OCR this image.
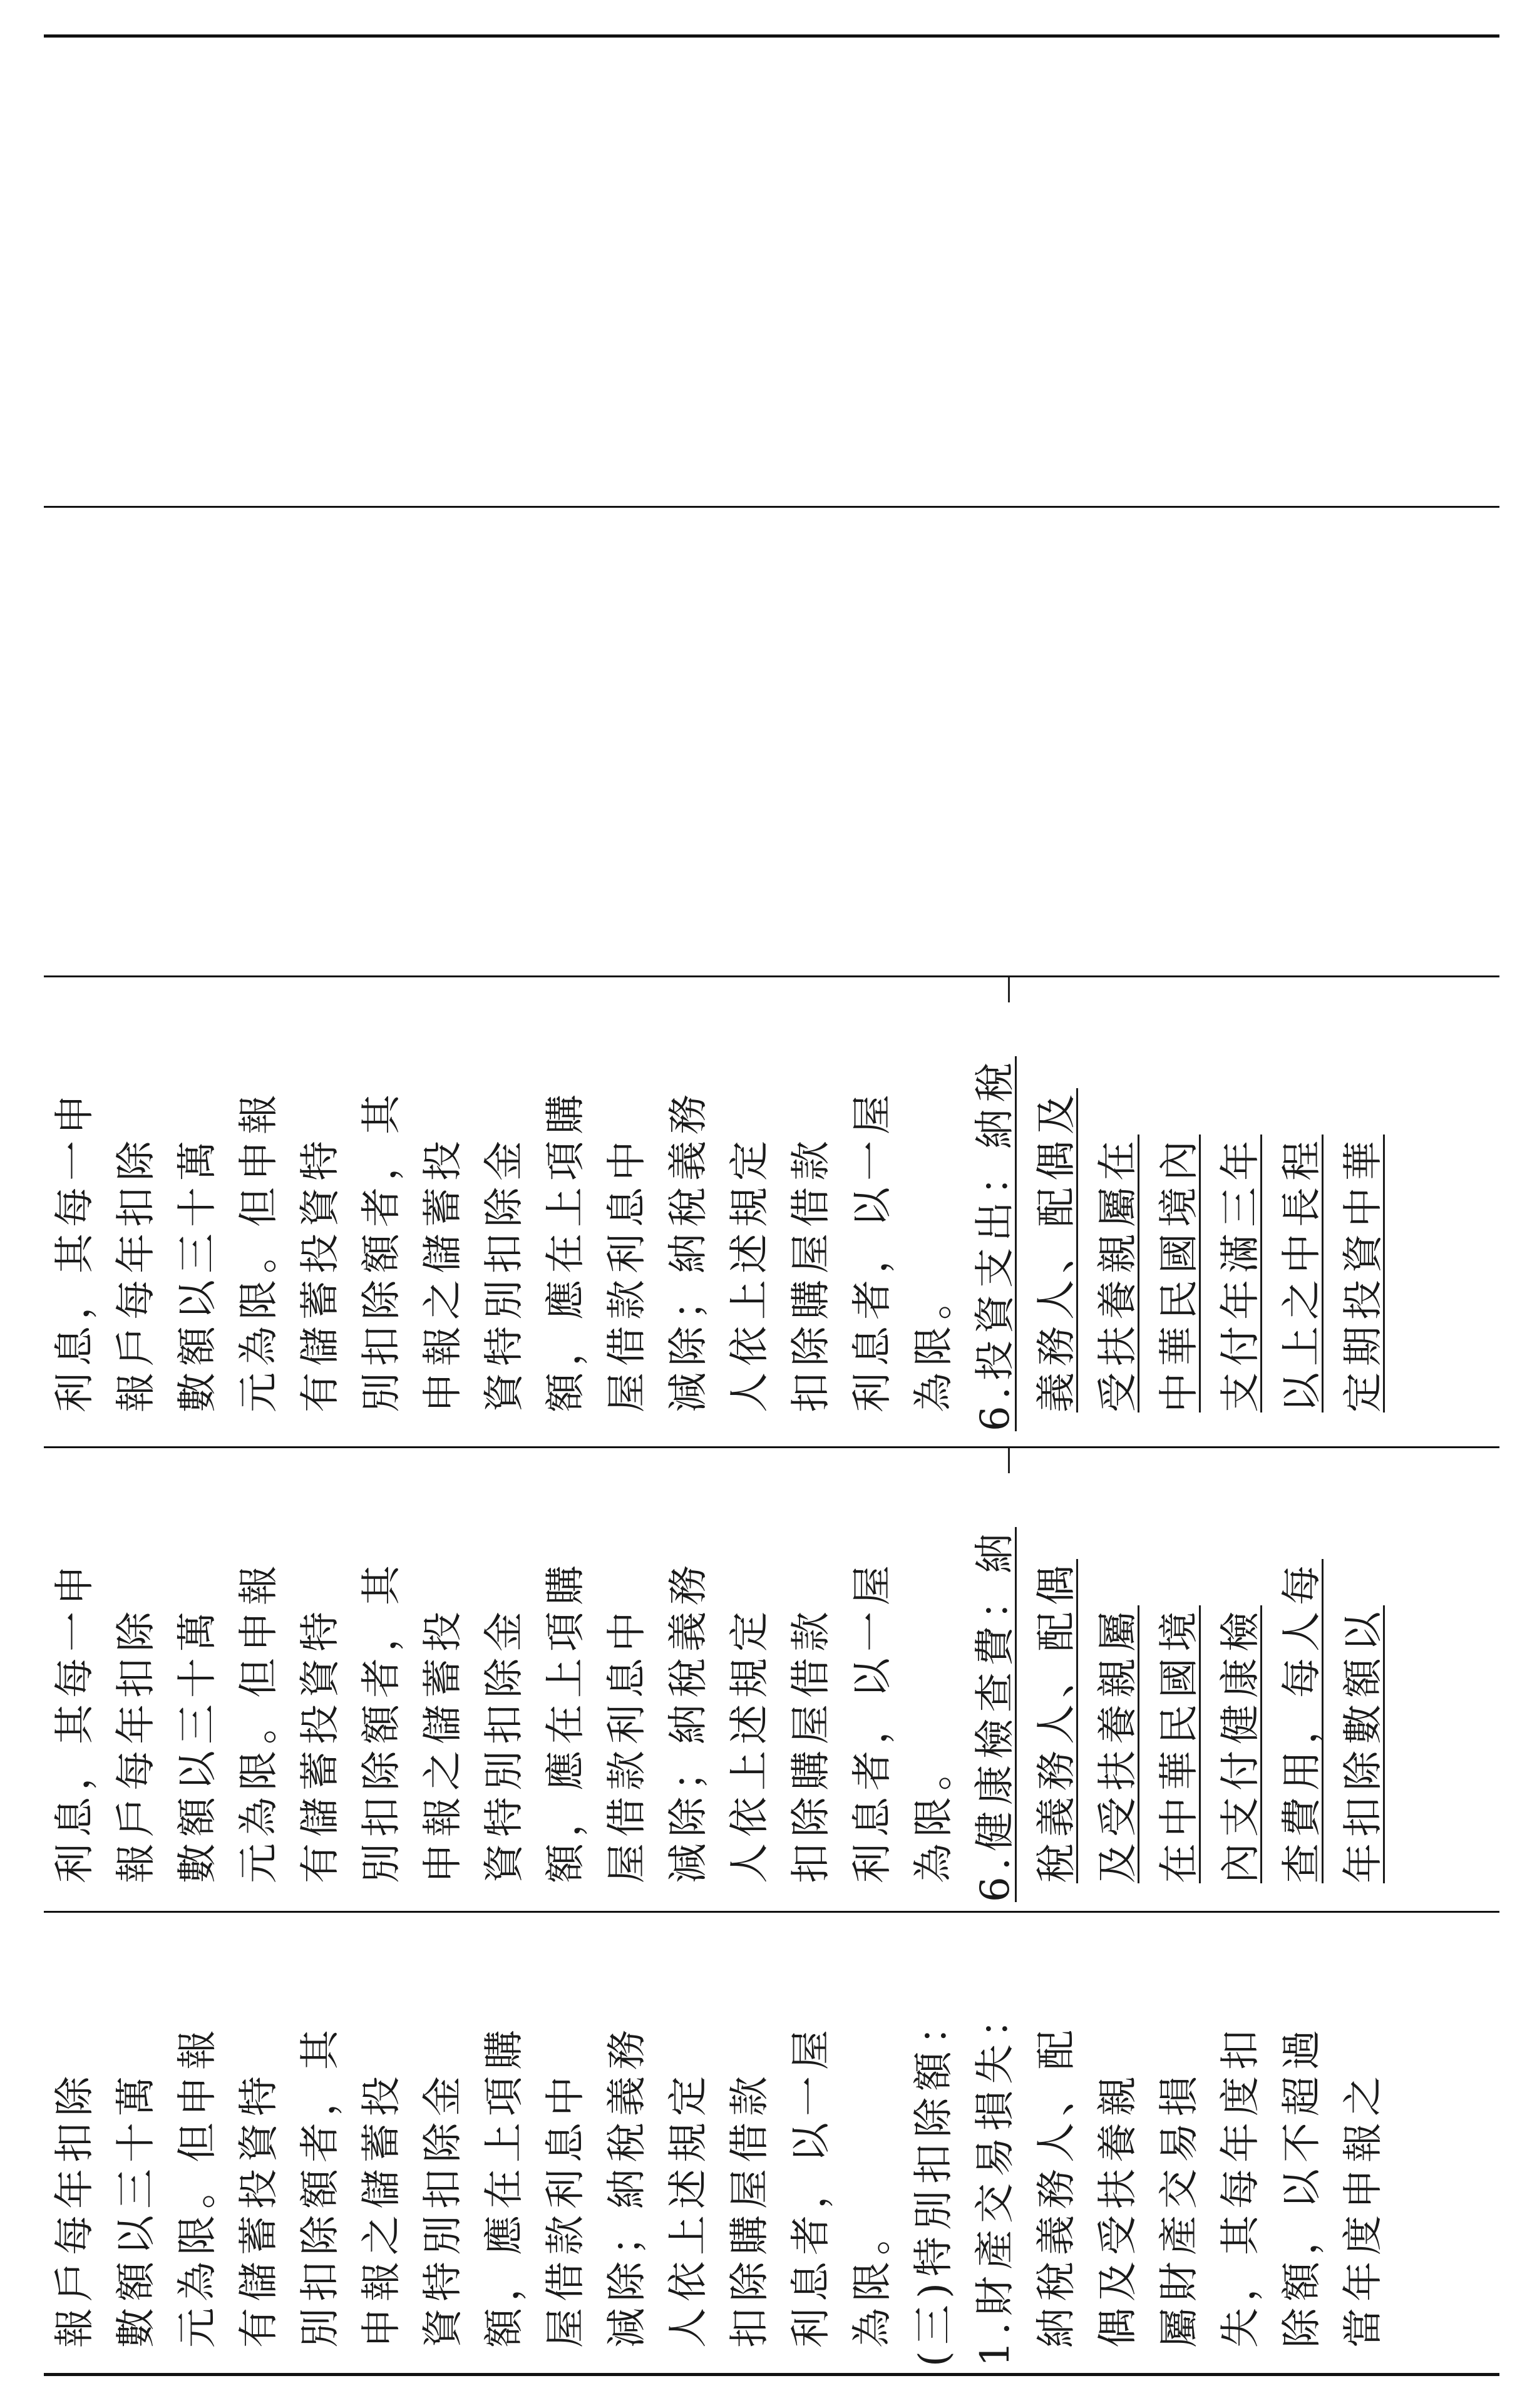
報戶每年扣除 數額以三十萬 元為限。但申報 有儲蓄投資特 別扣除額者，其 申報之儲蓄投 資特別扣除金 額，應在上項購 屋借款利息中 減除；納稅義務 人依上述規定 扣除購屋借款 利息者，以一屋 為限。 (三)特別扣除額： 1.財產交易損失： 納稅義務人、配 偶及受扶養親 屬財產交易損 失，其每年度扣 除額，以不超過 當年度申報之
利息，其每一申 報戶每年扣除 數額以三十萬 元為限。但申報 有儲蓄投資特 別扣除額者，其 申報之儲蓄投 資特別扣除金 額，應在上項購 屋借款利息中 減除；納稅義務 人依上述規定 扣除購屋借款 利息者，以一屋 為限。 6.健康檢查費：納 稅義務人、配偶 及受扶養親屬 在中華民國境 內支付健康檢 查費用，每人每 年扣除數額以
利息，其每一申 報戶每年扣除 數額以三十萬 元為限。但申報 有儲蓄投資特 別扣除額者，其 申報之儲蓄投 資特別扣除金 額，應在上項購 屋借款利息中 減除；納稅義務 人依上述規定 扣除購屋借款 利息者，以一屋 為限。 6.投資支出：納稅 義務人、配偶及 受扶養親屬在 中華民國境內 支付年滿三年 以上之中長程 定期投資中華
